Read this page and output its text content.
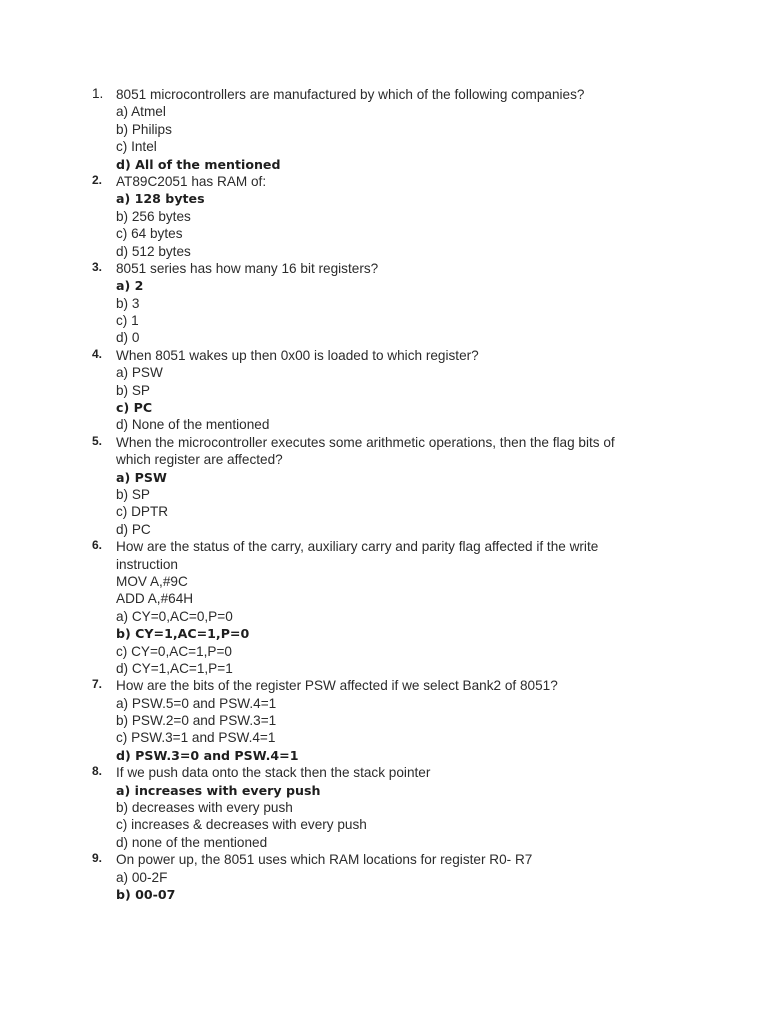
1. 8051 microcontrollers are manufactured by which of the following companies?
a) Atmel
b) Philips
c) Intel
d) All of the mentioned
2.	AT89C2051 has RAM of:
a) 128 bytes
b) 256 bytes
c) 64 bytes
d) 512 bytes
3.	8051 series has how many 16 bit registers?
a) 2
b) 3
c) 1
d) 0
4.	When 8051 wakes up then 0x00 is loaded to which register?
a) PSW
b) SP
c) PC
d) None of the mentioned
5.	When the microcontroller executes some arithmetic operations, then the flag bits of
which register are affected?
a) PSW
b) SP
c) DPTR
d) PC
6.	How are the status of the carry, auxiliary carry and parity flag affected if the write
instruction
MOV A,#9C
ADD A,#64H
a) CY=0,AC=0,P=0
b) CY=1,AC=1,P=0
c) CY=0,AC=1,P=0
d) CY=1,AC=1,P=1
7.	How are the bits of the register PSW affected if we select Bank2 of 8051?
a) PSW.5=0 and PSW.4=1
b) PSW.2=0 and PSW.3=1
c) PSW.3=1 and PSW.4=1
d) PSW.3=0 and PSW.4=1
8.	If we push data onto the stack then the stack pointer
a) increases with every push
b) decreases with every push
c) increases & decreases with every push
d) none of the mentioned
9.	On power up, the 8051 uses which RAM locations for register R0- R7
a) 00-2F
b) 00-07
